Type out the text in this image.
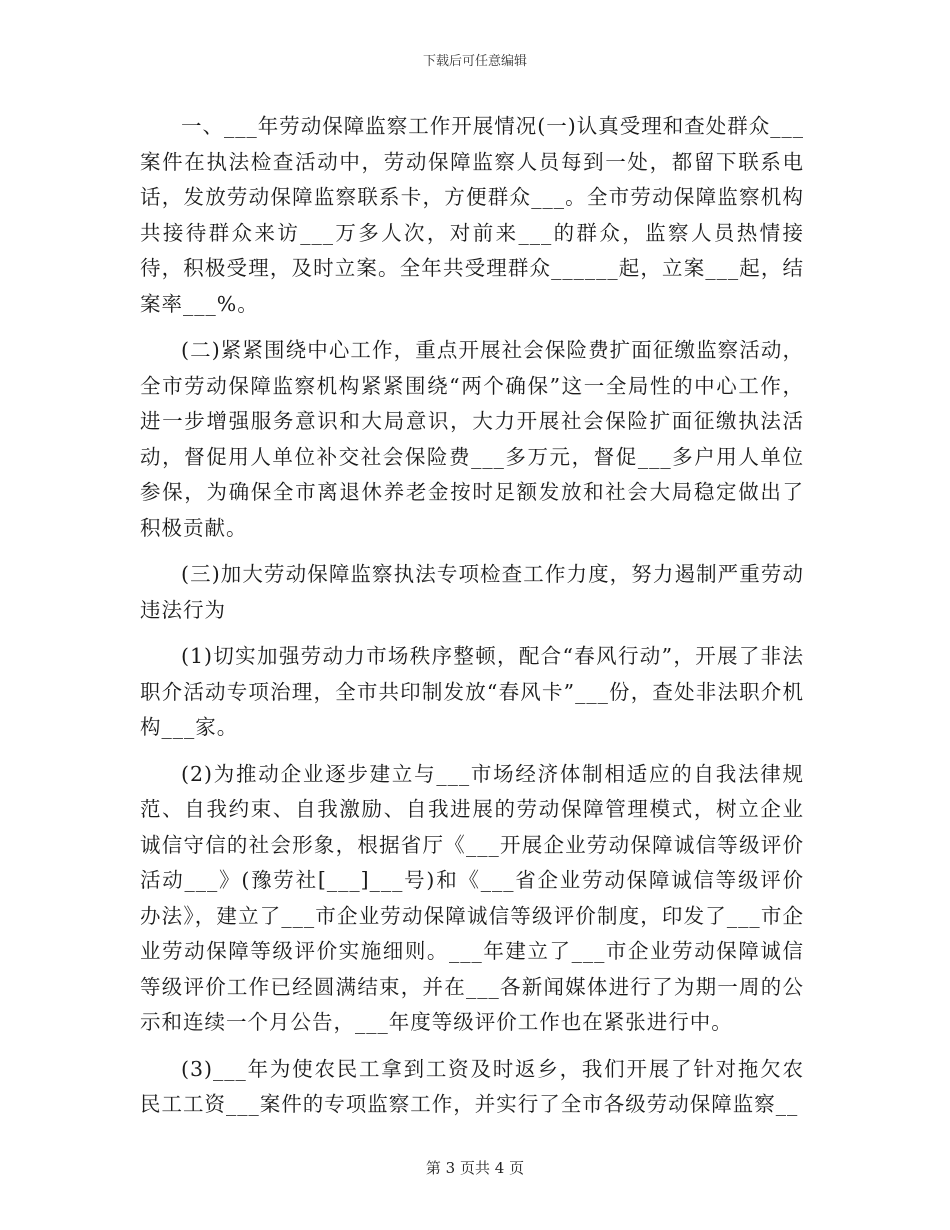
下载后可任意编辑

一、___年劳动保障监察工作开展情况(一)认真受理和查处群众___案件在执法检查活动中，劳动保障监察人员每到一处，都留下联系电话，发放劳动保障监察联系卡，方便群众___。全市劳动保障监察机构共接待群众来访___万多人次，对前来___的群众，监察人员热情接待，积极受理，及时立案。全年共受理群众______起，立案___起，结案率___%。

(二)紧紧围绕中心工作，重点开展社会保险费扩面征缴监察活动，全市劳动保障监察机构紧紧围绕“两个确保”这一全局性的中心工作，进一步增强服务意识和大局意识，大力开展社会保险扩面征缴执法活动，督促用人单位补交社会保险费___多万元，督促___多户用人单位参保，为确保全市离退休养老金按时足额发放和社会大局稳定做出了积极贡献。

(三)加大劳动保障监察执法专项检查工作力度，努力遏制严重劳动违法行为

(1)切实加强劳动力市场秩序整顿，配合“春风行动”，开展了非法职介活动专项治理，全市共印制发放“春风卡”___份，查处非法职介机构___家。

(2)为推动企业逐步建立与___市场经济体制相适应的自我法律规范、自我约束、自我激励、自我进展的劳动保障管理模式，树立企业诚信守信的社会形象，根据省厅《___开展企业劳动保障诚信等级评价活动___》(豫劳社[___]___号)和《___省企业劳动保障诚信等级评价办法》，建立了___市企业劳动保障诚信等级评价制度，印发了___市企业劳动保障等级评价实施细则。___年建立了___市企业劳动保障诚信等级评价工作已经圆满结束，并在___各新闻媒体进行了为期一周的公示和连续一个月公告，___年度等级评价工作也在紧张进行中。

(3)___年为使农民工拿到工资及时返乡，我们开展了针对拖欠农民工工资___案件的专项监察工作，并实行了全市各级劳动保障监察__

第 3 页共 4 页
